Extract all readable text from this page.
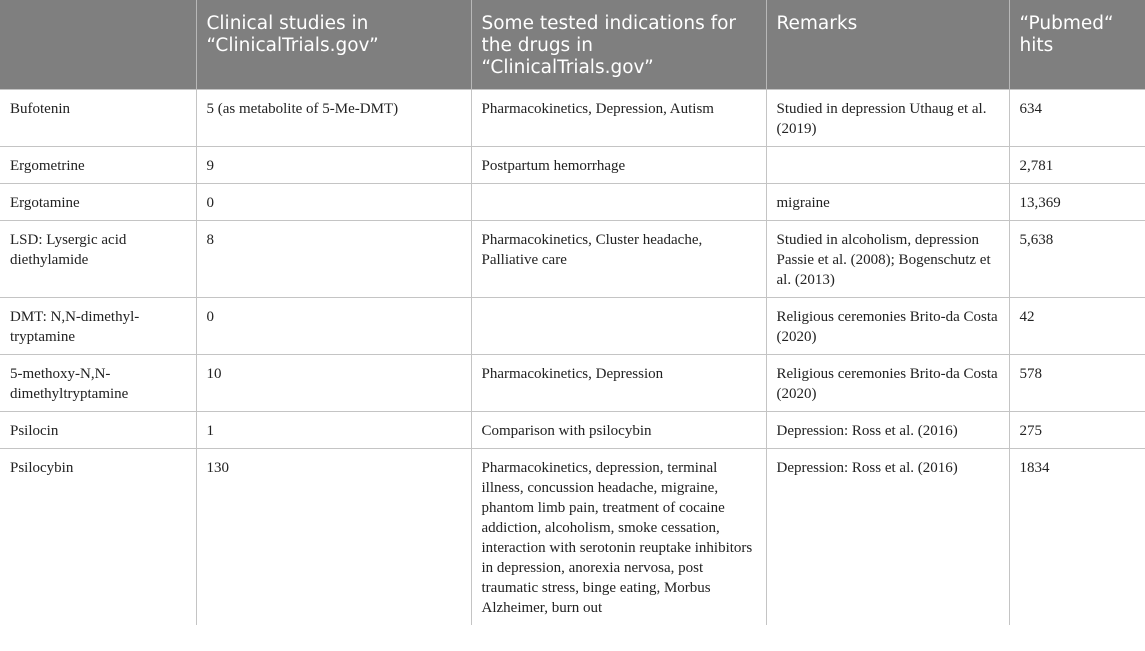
	Clinical studies in “ClinicalTrials.gov”	Some tested indications for the drugs in “ClinicalTrials.gov”	Remarks	“Pubmed“ hits
Bufotenin	5 (as metabolite of 5-Me-DMT)	Pharmacokinetics, Depression, Autism	Studied in depression Uthaug et al. (2019)	634
Ergometrine	9	Postpartum hemorrhage		2,781
Ergotamine	0		migraine	13,369
LSD: Lysergic acid diethylamide	8	Pharmacokinetics, Cluster headache, Palliative care	Studied in alcoholism, depression Passie et al. (2008); Bogenschutz et al. (2013)	5,638
DMT: N,N-dimethyl-tryptamine	0		Religious ceremonies Brito-da Costa (2020)	42
5-methoxy-N,N-dimethyltryptamine	10	Pharmacokinetics, Depression	Religious ceremonies Brito-da Costa (2020)	578
Psilocin	1	Comparison with psilocybin	Depression: Ross et al. (2016)	275
Psilocybin	130	Pharmacokinetics, depression, terminal illness, concussion headache, migraine, phantom limb pain, treatment of cocaine addiction, alcoholism, smoke cessation, interaction with serotonin reuptake inhibitors in depression, anorexia nervosa, post traumatic stress, binge eating, Morbus Alzheimer, burn out	Depression: Ross et al. (2016)	1834
